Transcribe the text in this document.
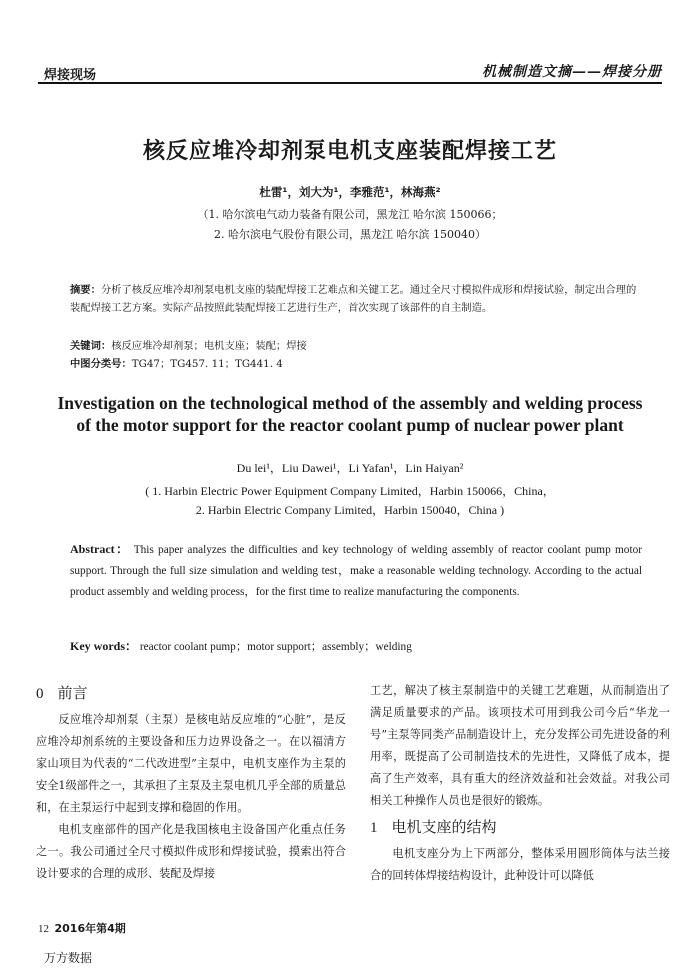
焊接现场	机械制造文摘——焊接分册
核反应堆冷却剂泵电机支座装配焊接工艺
杜雷¹，刘大为¹，李雅范¹，林海燕²
（1. 哈尔滨电气动力装备有限公司，黑龙江 哈尔滨 150066；
2. 哈尔滨电气股份有限公司，黑龙江 哈尔滨 150040）
摘要：分析了核反应堆冷却剂泵电机支座的装配焊接工艺难点和关键工艺。通过全尺寸模拟件成形和焊接试验，制定出合理的装配焊接工艺方案。实际产品按照此装配焊接工艺进行生产，首次实现了该部件的自主制造。
关键词：核反应堆冷却剂泵；电机支座；装配；焊接
中图分类号：TG47；TG457. 11；TG441. 4
Investigation on the technological method of the assembly and welding process
of the motor support for the reactor coolant pump of nuclear power plant
Du lei¹，Liu Dawei¹，Li Yafan¹，Lin Haiyan²
( 1. Harbin Electric Power Equipment Company Limited，Harbin 150066，China，
2. Harbin Electric Company Limited，Harbin 150040，China )
Abstract： This paper analyzes the difficulties and key technology of welding assembly of reactor coolant pump motor support. Through the full size simulation and welding test，make a reasonable welding technology. According to the actual product assembly and welding process，for the first time to realize manufacturing the components.
Key words： reactor coolant pump；motor support；assembly；welding
0 前言

反应堆冷却剂泵（主泵）是核电站反应堆的“心脏”，是反应堆冷却剂系统的主要设备和压力边界设备之一。在以福清方家山项目为代表的“二代改进型”主泵中，电机支座作为主泵的安全1级部件之一，其承担了主泵及主泵电机几乎全部的质量总和，在主泵运行中起到支撑和稳固的作用。

电机支座部件的国产化是我国核电主设备国产化重点任务之一。我公司通过全尺寸模拟件成形和焊接试验，摸索出符合设计要求的合理的成形、装配及焊接

工艺，解决了核主泵制造中的关键工艺难题，从而制造出了满足质量要求的产品。该项技术可用到我公司今后“华龙一号”主泵等同类产品制造设计上，充分发挥公司先进设备的利用率，既提高了公司制造技术的先进性，又降低了成本，提高了生产效率，具有重大的经济效益和社会效益。对我公司相关工种操作人员也是很好的锻炼。

1 电机支座的结构

电机支座分为上下两部分，整体采用圆形筒体与法兰接合的回转体焊接结构设计，此种设计可以降低

12 2016年第4期
万方数据
